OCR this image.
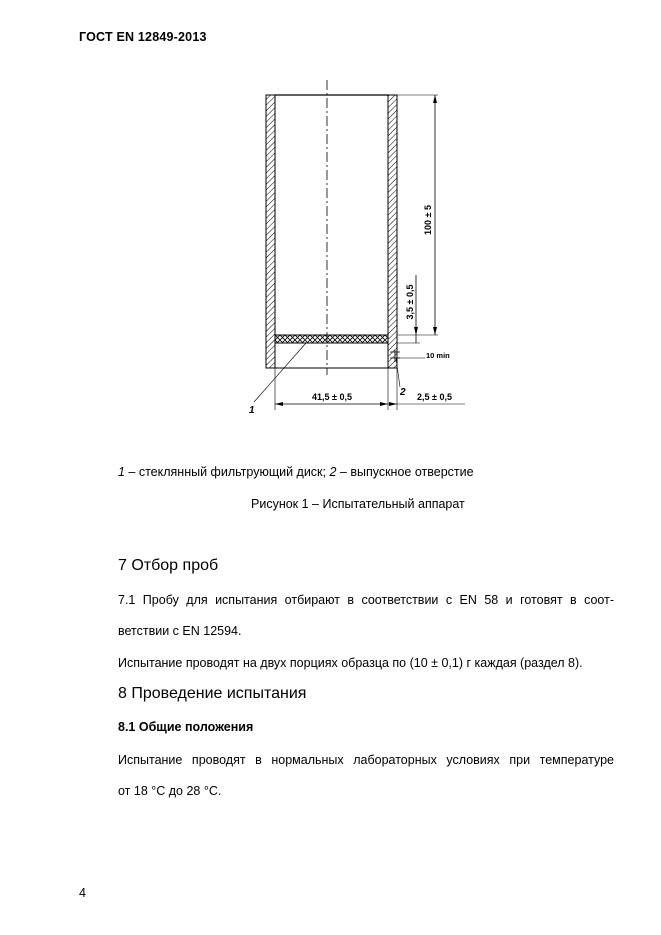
ГОСТ EN 12849-2013
100 ± 5
3,5 ± 0,5
10 min
41,5 ± 0,5	2,5 ± 0,5
1
2
1 – стеклянный фильтрующий диск; 2 – выпускное отверстие
Рисунок 1 – Испытательный аппарат
7 Отбор проб
7.1 Пробу для испытания отбирают в соответствии с EN 58 и готовят в соот-
ветствии с EN 12594.
Испытание проводят на двух порциях образца по (10 ± 0,1) г каждая (раздел 8).
8 Проведение испытания
8.1 Общие положения
Испытание проводят в нормальных лабораторных условиях при температуре
от 18 °С до 28 °С.
4
